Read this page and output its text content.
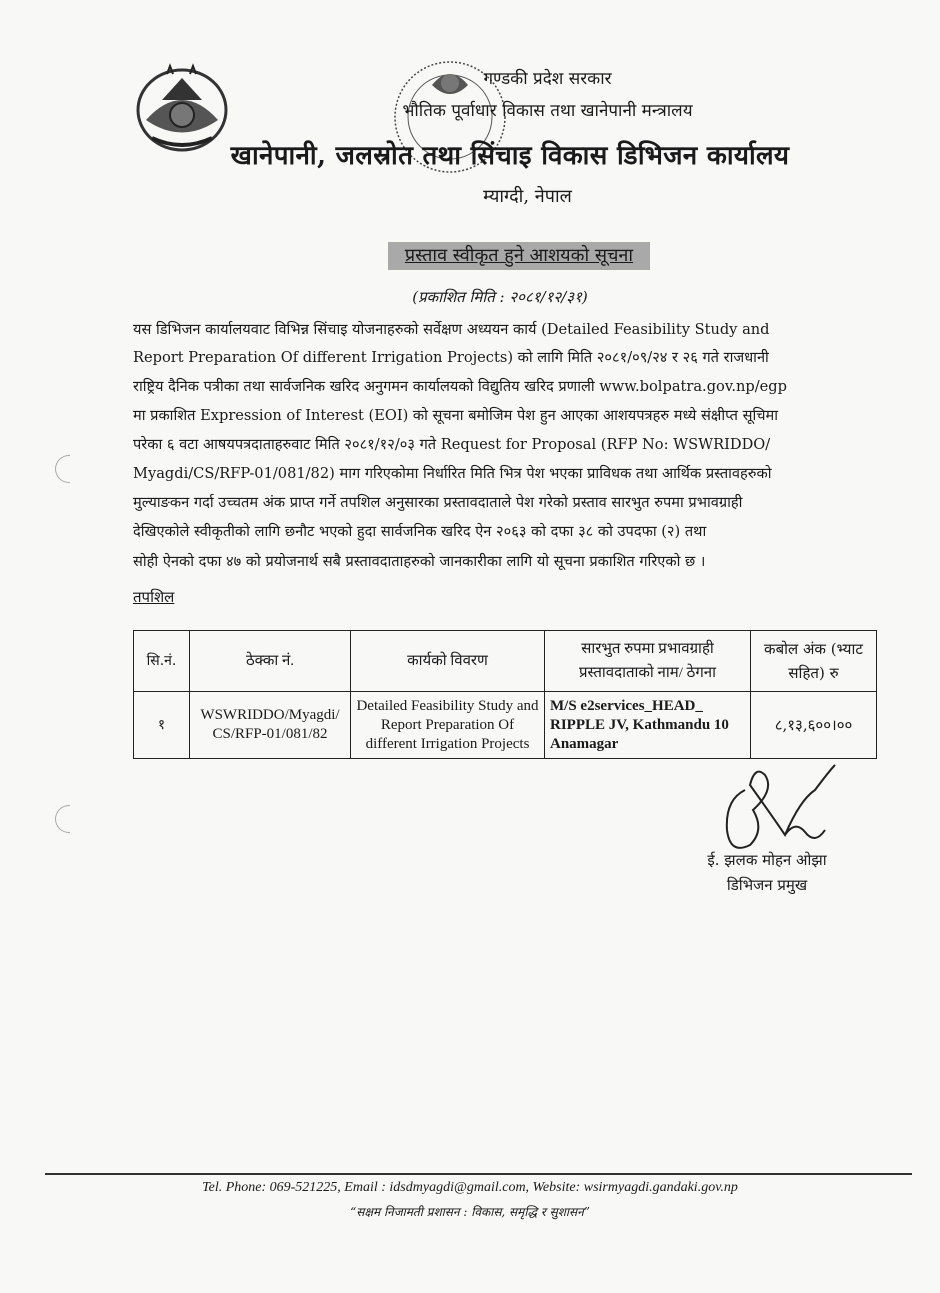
गण्डकी प्रदेश सरकार
भौतिक पूर्वाधार विकास तथा खानेपानी मन्त्रालय
खानेपानी, जलस्रोत तथा सिंचाइ विकास डिभिजन कार्यालय
म्याग्दी, नेपाल
प्रस्ताव स्वीकृत हुने आशयको सूचना
(प्रकाशित मिति : २०८१/१२/३१)
यस डिभिजन कार्यालयवाट विभिन्न सिंचाइ योजनाहरुको सर्वेक्षण अध्ययन कार्य (Detailed Feasibility Study and
Report Preparation Of different Irrigation Projects) को लागि मिति २०८१/०९/२४ र २६ गते राजधानी
राष्ट्रिय दैनिक पत्रीका तथा सार्वजनिक खरिद अनुगमन कार्यालयको विद्युतिय खरिद प्रणाली www.bolpatra.gov.np/egp
मा प्रकाशित Expression of Interest (EOI) को सूचना बमोजिम पेश हुन आएका आशयपत्रहरु मध्ये संक्षीप्त सूचिमा
परेका ६ वटा आषयपत्रदाताहरुवाट मिति २०८१/१२/०३ गते Request for Proposal (RFP No: WSWRIDDO/
Myagdi/CS/RFP-01/081/82) माग गरिएकोमा निर्धारित मिति भित्र पेश भएका प्राविधक तथा आर्थिक प्रस्तावहरुको
मुल्याङकन गर्दा उच्चतम अंक प्राप्त गर्ने तपशिल अनुसारका प्रस्तावदाताले पेश गरेको प्रस्ताव सारभुत रुपमा प्रभावग्राही
देखिएकोले स्वीकृतीको लागि छनौट भएको हुदा सार्वजनिक खरिद ऐन २०६३ को दफा ३८ को उपदफा (२) तथा
सोही ऐनको दफा ४७ को प्रयोजनार्थ सबै प्रस्तावदाताहरुको जानकारीका लागि यो सूचना प्रकाशित गरिएको छ ।
तपशिल
सि.नं.	ठेक्का नं.	कार्यको विवरण	सारभुत रुपमा प्रभावग्राही प्रस्तावदाताको नाम/ ठेगना	कबोल अंक (भ्याट सहित) रु
१	WSWRIDDO/Myagdi/ CS/RFP-01/081/82	Detailed Feasibility Study and Report Preparation Of different Irrigation Projects	M/S e2services_HEAD_ RIPPLE JV, Kathmandu 10 Anamagar	८,१३,६००।००
ई. झलक मोहन ओझा
डिभिजन प्रमुख
Tel. Phone: 069-521225, Email : idsdmyagdi@gmail.com, Website: wsirmyagdi.gandaki.gov.np
“सक्षम निजामती प्रशासन : विकास, समृद्धि र सुशासन”
